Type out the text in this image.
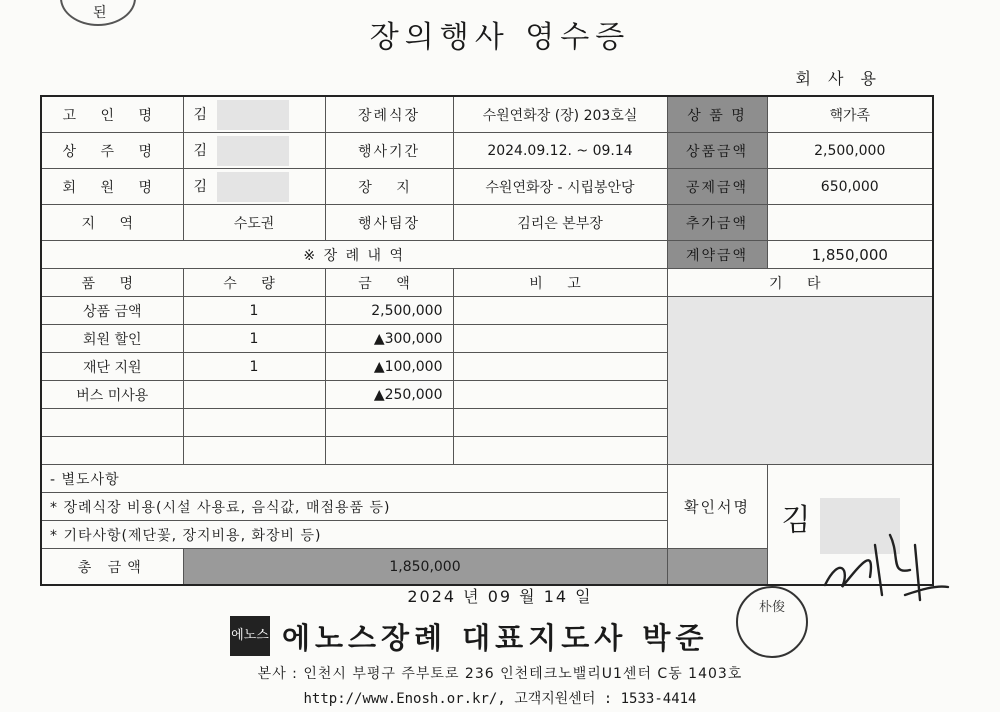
된
장의행사 영수증
회 사 용
고 인 명	김	장례식장	수원연화장 (장) 203호실	상 품 명	핵가족
상 주 명	김	행사기간	2024.09.12. ~ 09.14	상품금액	2,500,000
회 원 명	김	장 지	수원연화장 - 시립봉안당	공제금액	650,000
지 역	수도권	행사팀장	김리은 본부장	추가금액	
※ 장 례 내 역				계약금액	1,850,000
품 명	수 량	금 액	비 고	기 타	
상품 금액	1	2,500,000			
회원 할인	1	▲300,000			
재단 지원	1	▲100,000			
버스 미사용		▲250,000			

- 별도사항				확인서명	김
* 장례식장 비용(시설 사용료, 음식값, 매점용품 등)					
* 기타사항(제단꽃, 장지비용, 화장비 등)					
총 금액	1,850,000				
2024 년 09 월 14 일
에노스 에노스장례 대표지도사 박준
朴俊
본사 : 인천시 부평구 주부토로 236 인천테크노밸리U1센터 C동 1403호
http://www.Enosh.or.kr/, 고객지원센터 : 1533-4414
